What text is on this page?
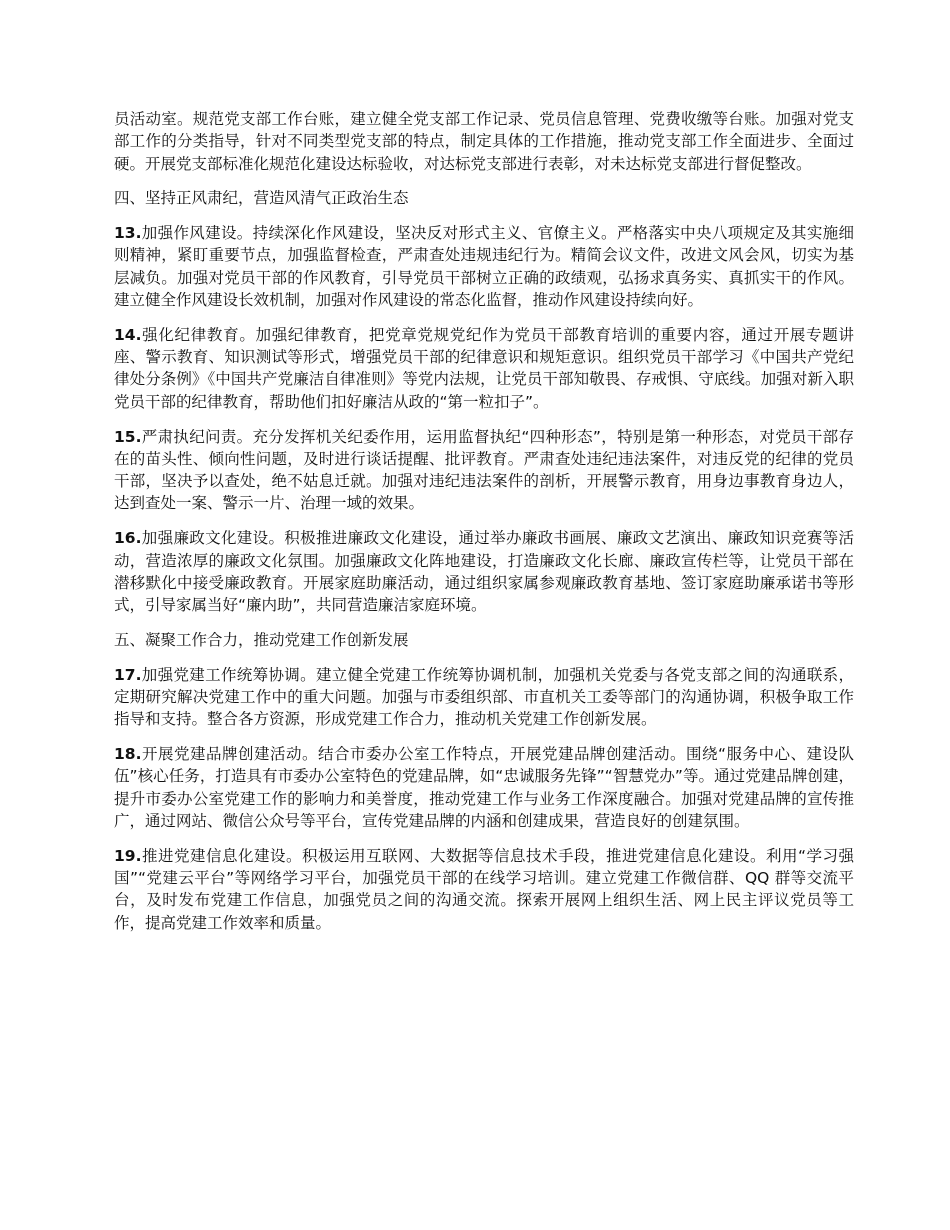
员活动室。规范党支部工作台账，建立健全党支部工作记录、党员信息管理、党费收缴等台账。加强对党支部工作的分类指导，针对不同类型党支部的特点，制定具体的工作措施，推动党支部工作全面进步、全面过硬。开展党支部标准化规范化建设达标验收，对达标党支部进行表彰，对未达标党支部进行督促整改。

四、坚持正风肃纪，营造风清气正政治生态

13.加强作风建设。持续深化作风建设，坚决反对形式主义、官僚主义。严格落实中央八项规定及其实施细则精神，紧盯重要节点，加强监督检查，严肃查处违规违纪行为。精简会议文件，改进文风会风，切实为基层减负。加强对党员干部的作风教育，引导党员干部树立正确的政绩观，弘扬求真务实、真抓实干的作风。建立健全作风建设长效机制，加强对作风建设的常态化监督，推动作风建设持续向好。

14.强化纪律教育。加强纪律教育，把党章党规党纪作为党员干部教育培训的重要内容，通过开展专题讲座、警示教育、知识测试等形式，增强党员干部的纪律意识和规矩意识。组织党员干部学习《中国共产党纪律处分条例》《中国共产党廉洁自律准则》等党内法规，让党员干部知敬畏、存戒惧、守底线。加强对新入职党员干部的纪律教育，帮助他们扣好廉洁从政的“第一粒扣子”。

15.严肃执纪问责。充分发挥机关纪委作用，运用监督执纪“四种形态”，特别是第一种形态，对党员干部存在的苗头性、倾向性问题，及时进行谈话提醒、批评教育。严肃查处违纪违法案件，对违反党的纪律的党员干部，坚决予以查处，绝不姑息迁就。加强对违纪违法案件的剖析，开展警示教育，用身边事教育身边人，达到查处一案、警示一片、治理一域的效果。

16.加强廉政文化建设。积极推进廉政文化建设，通过举办廉政书画展、廉政文艺演出、廉政知识竞赛等活动，营造浓厚的廉政文化氛围。加强廉政文化阵地建设，打造廉政文化长廊、廉政宣传栏等，让党员干部在潜移默化中接受廉政教育。开展家庭助廉活动，通过组织家属参观廉政教育基地、签订家庭助廉承诺书等形式，引导家属当好“廉内助”，共同营造廉洁家庭环境。

五、凝聚工作合力，推动党建工作创新发展

17.加强党建工作统筹协调。建立健全党建工作统筹协调机制，加强机关党委与各党支部之间的沟通联系，定期研究解决党建工作中的重大问题。加强与市委组织部、市直机关工委等部门的沟通协调，积极争取工作指导和支持。整合各方资源，形成党建工作合力，推动机关党建工作创新发展。

18.开展党建品牌创建活动。结合市委办公室工作特点，开展党建品牌创建活动。围绕“服务中心、建设队伍”核心任务，打造具有市委办公室特色的党建品牌，如“忠诚服务先锋”“智慧党办”等。通过党建品牌创建，提升市委办公室党建工作的影响力和美誉度，推动党建工作与业务工作深度融合。加强对党建品牌的宣传推广，通过网站、微信公众号等平台，宣传党建品牌的内涵和创建成果，营造良好的创建氛围。

19.推进党建信息化建设。积极运用互联网、大数据等信息技术手段，推进党建信息化建设。利用“学习强国”“党建云平台”等网络学习平台，加强党员干部的在线学习培训。建立党建工作微信群、QQ 群等交流平台，及时发布党建工作信息，加强党员之间的沟通交流。探索开展网上组织生活、网上民主评议党员等工作，提高党建工作效率和质量。
